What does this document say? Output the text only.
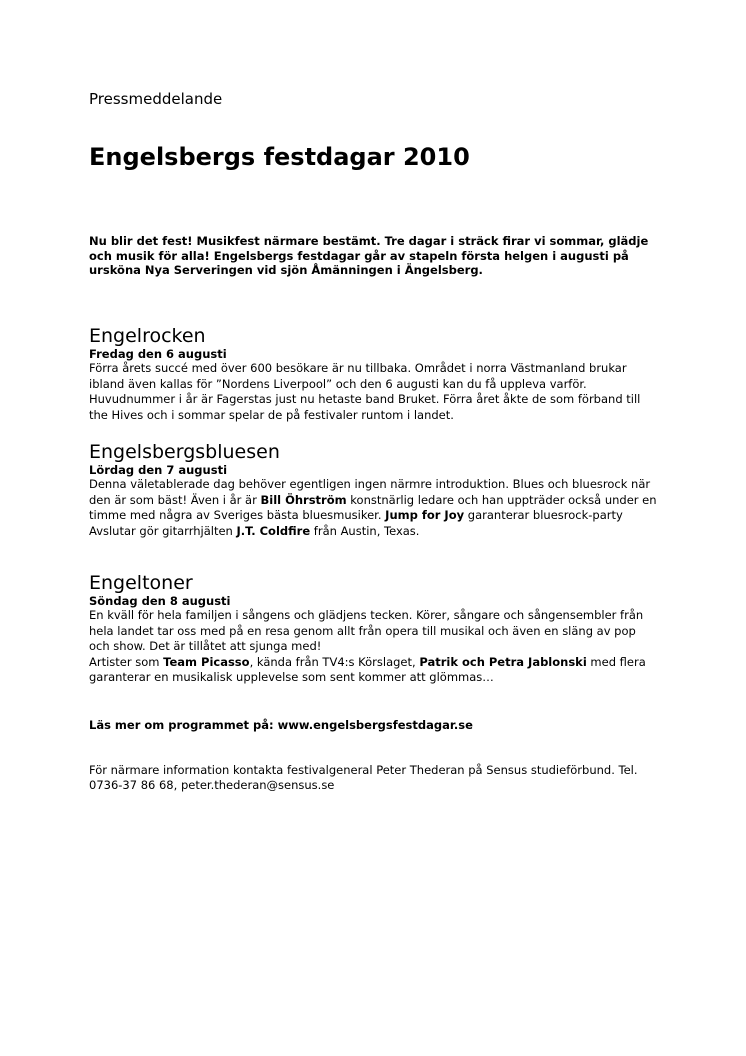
Pressmeddelande
Engelsbergs festdagar 2010
Nu blir det fest! Musikfest närmare bestämt. Tre dagar i sträck firar vi sommar, glädje och musik för alla! Engelsbergs festdagar går av stapeln första helgen i augusti på ursköna Nya Serveringen vid sjön Åmänningen i Ängelsberg.
Engelrocken
Fredag den 6 augusti
Förra årets succé med över 600 besökare är nu tillbaka. Området i norra Västmanland brukar ibland även kallas för ”Nordens Liverpool” och den 6 augusti kan du få uppleva varför. Huvudnummer i år är Fagerstas just nu hetaste band Bruket. Förra året åkte de som förband till the Hives och i sommar spelar de på festivaler runtom i landet.
Engelsbergsbluesen
Lördag den 7 augusti
Denna väletablerade dag behöver egentligen ingen närmre introduktion. Blues och bluesrock när den är som bäst! Även i år är Bill Öhrström konstnärlig ledare och han uppträder också under en timme med några av Sveriges bästa bluesmusiker. Jump for Joy garanterar bluesrock-party Avslutar gör gitarrhjälten J.T. Coldfire från Austin, Texas.
Engeltoner
Söndag den 8 augusti
En kväll för hela familjen i sångens och glädjens tecken. Körer, sångare och sångensembler från hela landet tar oss med på en resa genom allt från opera till musikal och även en släng av pop och show. Det är tillåtet att sjunga med!
Artister som Team Picasso, kända från TV4:s Körslaget, Patrik och Petra Jablonski med flera garanterar en musikalisk upplevelse som sent kommer att glömmas…
Läs mer om programmet på: www.engelsbergsfestdagar.se
För närmare information kontakta festivalgeneral Peter Thederan på Sensus studieförbund. Tel. 0736-37 86 68, peter.thederan@sensus.se
